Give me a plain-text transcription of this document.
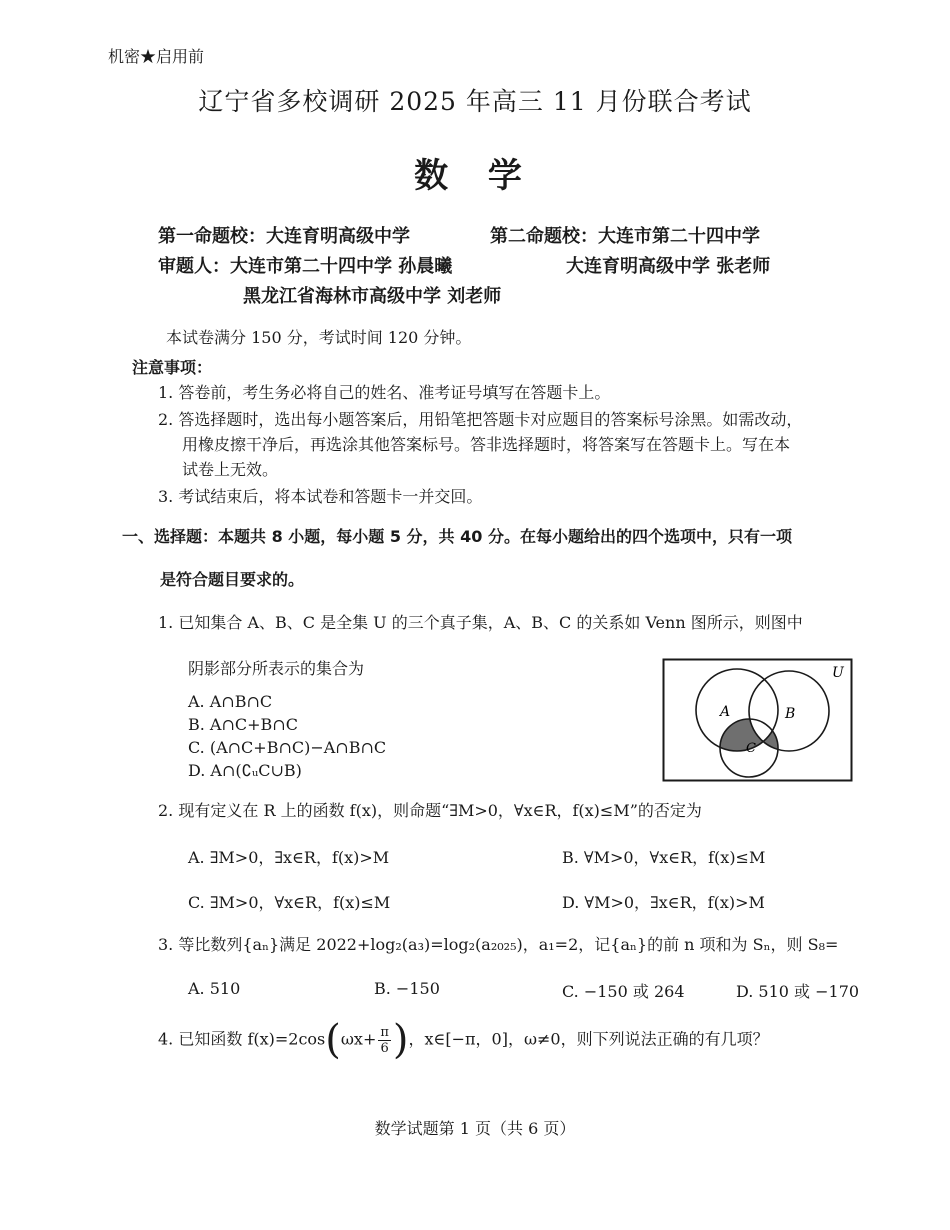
机密★启用前
辽宁省多校调研 2025 年高三 11 月份联合考试
数 学
第一命题校：大连育明高级中学	第二命题校：大连市第二十四中学
审题人：大连市第二十四中学 孙晨曦	大连育明高级中学 张老师
黑龙江省海林市高级中学 刘老师
本试卷满分 150 分，考试时间 120 分钟。
注意事项：
1. 答卷前，考生务必将自己的姓名、准考证号填写在答题卡上。
2. 答选择题时，选出每小题答案后，用铅笔把答题卡对应题目的答案标号涂黑。如需改动，
用橡皮擦干净后，再选涂其他答案标号。答非选择题时，将答案写在答题卡上。写在本
试卷上无效。
3. 考试结束后，将本试卷和答题卡一并交回。
一、选择题：本题共 8 小题，每小题 5 分，共 40 分。在每小题给出的四个选项中，只有一项
是符合题目要求的。
1. 已知集合 A、B、C 是全集 U 的三个真子集，A、B、C 的关系如 Venn 图所示，则图中
阴影部分所表示的集合为
A. A∩B∩C
B. A∩C+B∩C
C. (A∩C+B∩C)−A∩B∩C
D. A∩(∁ᵤC∪B)
U
A	B
C
2. 现有定义在 R 上的函数 f(x)，则命题“∃M>0，∀x∈R，f(x)≤M”的否定为
A. ∃M>0，∃x∈R，f(x)>M	B. ∀M>0，∀x∈R，f(x)≤M
C. ∃M>0，∀x∈R，f(x)≤M	D. ∀M>0，∃x∈R，f(x)>M
3. 等比数列{aₙ}满足 2022+log₂(a₃)=log₂(a₂₀₂₅)，a₁=2，记{aₙ}的前 n 项和为 Sₙ，则 S₈=
A. 510	B. −150	C. −150 或 264	D. 510 或 −170
4. 已知函数 $f(x)=2\cos(\omega x+ \frac{\pi}{6}$ )，x∈[−π，0]，ω≠0，则下列说法正确的有几项？
数学试题第 1 页（共 6 页）
